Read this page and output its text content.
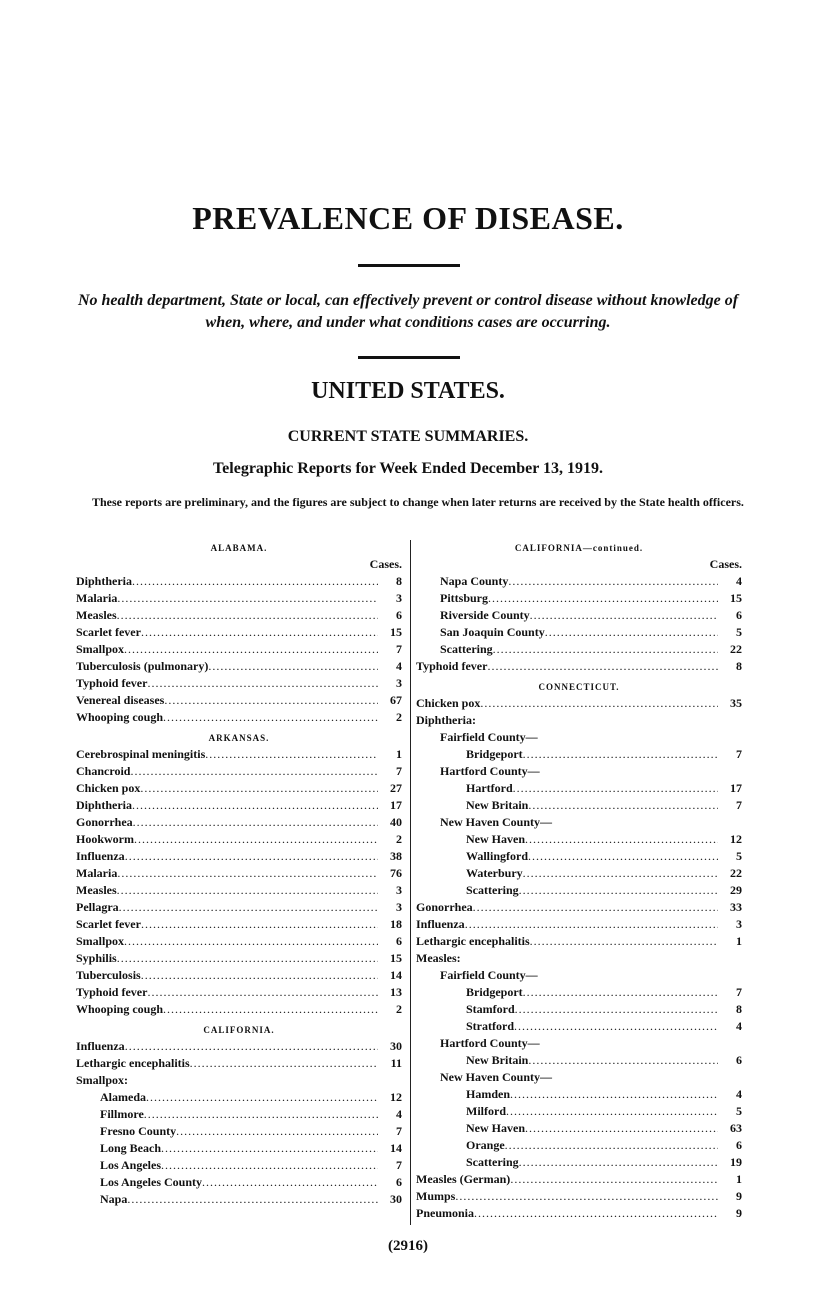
PREVALENCE OF DISEASE.
No health department, State or local, can effectively prevent or control disease without knowledge of when, where, and under what conditions cases are occurring.
UNITED STATES.
CURRENT STATE SUMMARIES.
Telegraphic Reports for Week Ended December 13, 1919.
These reports are preliminary, and the figures are subject to change when later returns are received by the State health officers.
ALABAMA.
Cases.
Diphtheria .....	8
Malaria .....	3
Measles .....	6
Scarlet fever .....	15
Smallpox .....	7
Tuberculosis (pulmonary) .....	4
Typhoid fever .....	3
Venereal diseases .....	67
Whooping cough .....	2
ARKANSAS.
Cerebrospinal meningitis .....	1
Chancroid .....	7
Chicken pox .....	27
Diphtheria .....	17
Gonorrhea .....	40
Hookworm .....	2
Influenza .....	38
Malaria .....	76
Measles .....	3
Pellagra .....	3
Scarlet fever .....	18
Smallpox .....	6
Syphilis .....	15
Tuberculosis .....	14
Typhoid fever .....	13
Whooping cough .....	2
CALIFORNIA.
Influenza .....	30
Lethargic encephalitis .....	11
Smallpox:
Alameda .....	12
Fillmore .....	4
Fresno County .....	7
Long Beach .....	14
Los Angeles .....	7
Los Angeles County .....	6
Napa .....	30
CALIFORNIA—continued.
Cases.
Napa County .....	4
Pittsburg .....	15
Riverside County .....	6
San Joaquin County .....	5
Scattering .....	22
Typhoid fever .....	8
CONNECTICUT.
Chicken pox .....	35
Diphtheria:
Fairfield County—
Bridgeport .....	7
Hartford County—
Hartford .....	17
New Britain .....	7
New Haven County—
New Haven .....	12
Wallingford .....	5
Waterbury .....	22
Scattering .....	29
Gonorrhea .....	33
Influenza .....	3
Lethargic encephalitis .....	1
Measles:
Fairfield County—
Bridgeport .....	7
Stamford .....	8
Stratford .....	4
Hartford County—
New Britain .....	6
New Haven County—
Hamden .....	4
Milford .....	5
New Haven .....	63
Orange .....	6
Scattering .....	19
Measles (German) .....	1
Mumps .....	9
Pneumonia .....	9
(2916)
